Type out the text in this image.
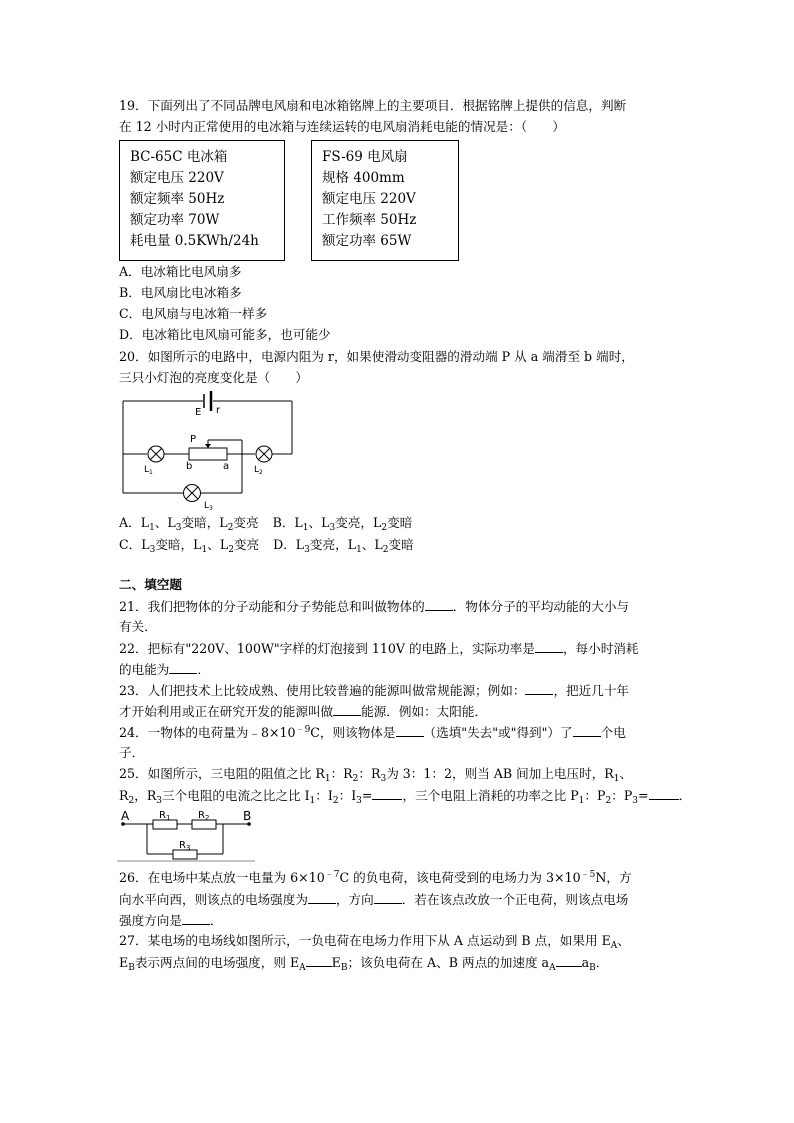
19．下面列出了不同品牌电风扇和电冰箱铭牌上的主要项目．根据铭牌上提供的信息，判断
在 12 小时内正常使用的电冰箱与连续运转的电风扇消耗电能的情况是：（　　）
BC-65C 电冰箱
额定电压 220V
额定频率 50Hz
额定功率 70W
耗电量 0.5KWh/24h
FS-69 电风扇
规格 400mm
额定电压 220V
工作频率 50Hz
额定功率 65W
A．电冰箱比电风扇多
B．电风扇比电冰箱多
C．电风扇与电冰箱一样多
D．电冰箱比电风扇可能多，也可能少
20．如图所示的电路中，电源内阻为 r，如果使滑动变阻器的滑动端 P 从 a 端滑至 b 端时，
三只小灯泡的亮度变化是（　　）
E r
P
b	a
$L_1$	$L_2$
$L_3$
A．$L_1$、$L_3$变暗，$L_2$变亮 B．$L_1$、$L_3$变亮，$L_2$变暗
C．$L_3$变暗，$L_1$、$L_2$变亮 D．$L_3$变亮，$L_1$、$L_2$变暗
二、填空题
21．我们把物体的分子动能和分子势能总和叫做物体的 ．物体分子的平均动能的大小与
有关．
22．把标有"220V、100W"字样的灯泡接到 110V 的电路上，实际功率是 ，每小时消耗
的电能为 ．
23．人们把技术上比较成熟、使用比较普遍的能源叫做常规能源；例如： ，把近几十年
才开始利用或正在研究开发的能源叫做 能源．例如：太阳能．
24．一物体的电荷量为$﹣8\times 10^{﹣9}C$，则该物体是 （选填"失去"或"得到"）了 个电
子．
25．如图所示，三电阻的阻值之比 $R_1$：$R_2$：$R_3$为 3：1：2，则当 AB 间加上电压时，$R_1$、
$R_2$，$R_3$三个电阻的电流之比之比 $I_1$：$I_2$：$I_3=$ ，三个电阻上消耗的功率之比 $P_1$：$P_2$：$P_3=$ ．
A	B
$R_1$	$R_2$
$R_3$
26．在电场中某点放一电量为 $6\times 10^{﹣7}C$ 的负电荷，该电荷受到的电场力为 $3\times 10^{﹣5}N$，方
向水平向西，则该点的电场强度为 ，方向 ．若在该点改放一个正电荷，则该点电场
强度方向是 ．
27．某电场的电场线如图所示，一负电荷在电场力作用下从 A 点运动到 B 点，如果用 $E_A$、
$E_B$表示两点间的电场强度，则 $E_A$ $E_B$；该负电荷在 A、B 两点的加速度 $a_A$ $a_B$．
